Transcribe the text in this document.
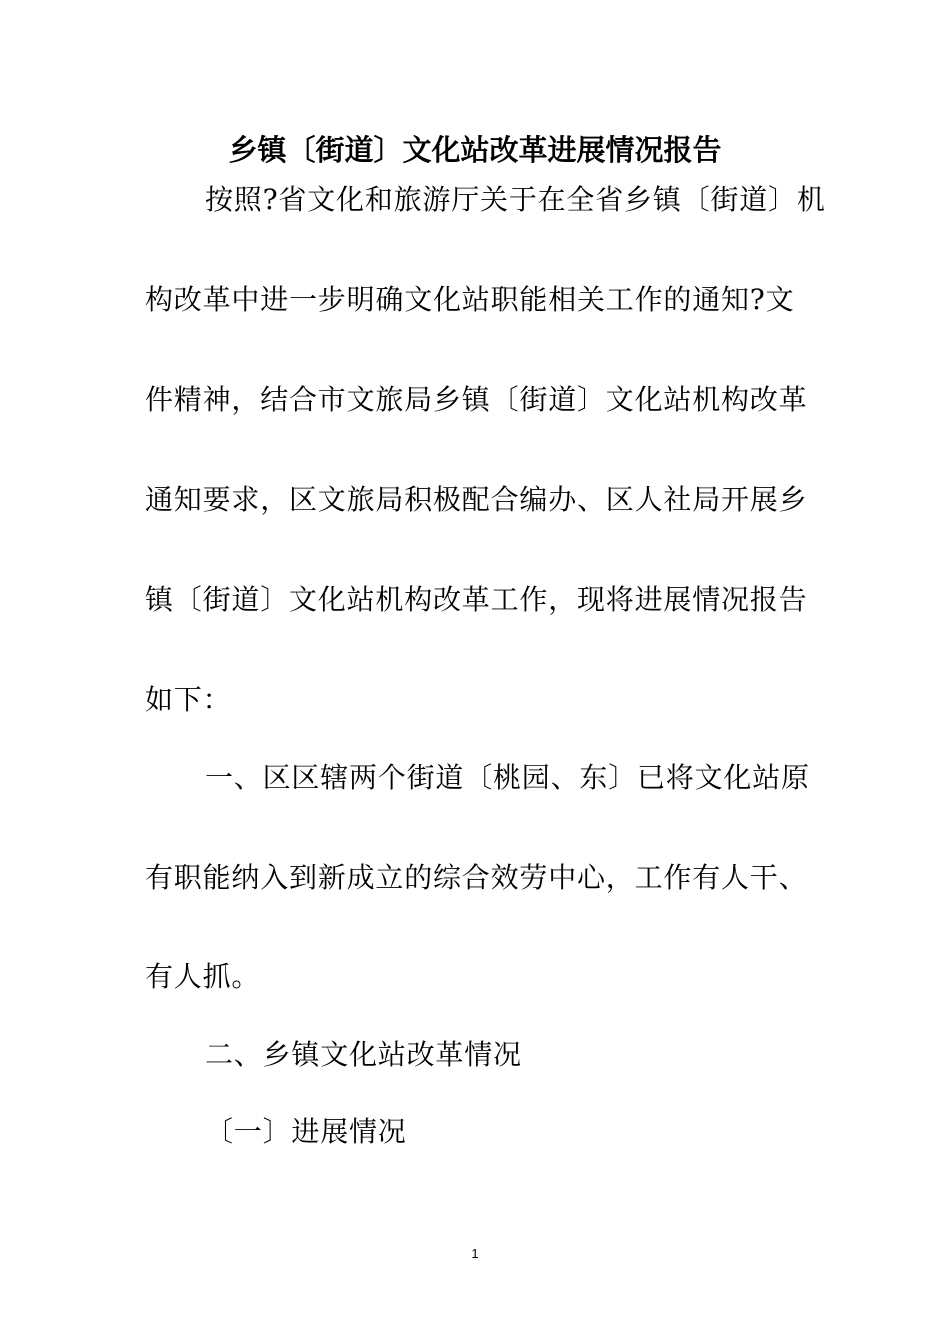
乡镇〔街道〕文化站改革进展情况报告
按照?省文化和旅游厅关于在全省乡镇〔街道〕机
构改革中进一步明确文化站职能相关工作的通知?文
件精神，结合市文旅局乡镇〔街道〕文化站机构改革
通知要求，区文旅局积极配合编办、区人社局开展乡
镇〔街道〕文化站机构改革工作，现将进展情况报告
如下：
一、区区辖两个街道〔桃园、东〕已将文化站原
有职能纳入到新成立的综合效劳中心，工作有人干、
有人抓。
二、乡镇文化站改革情况
〔一〕进展情况
1
